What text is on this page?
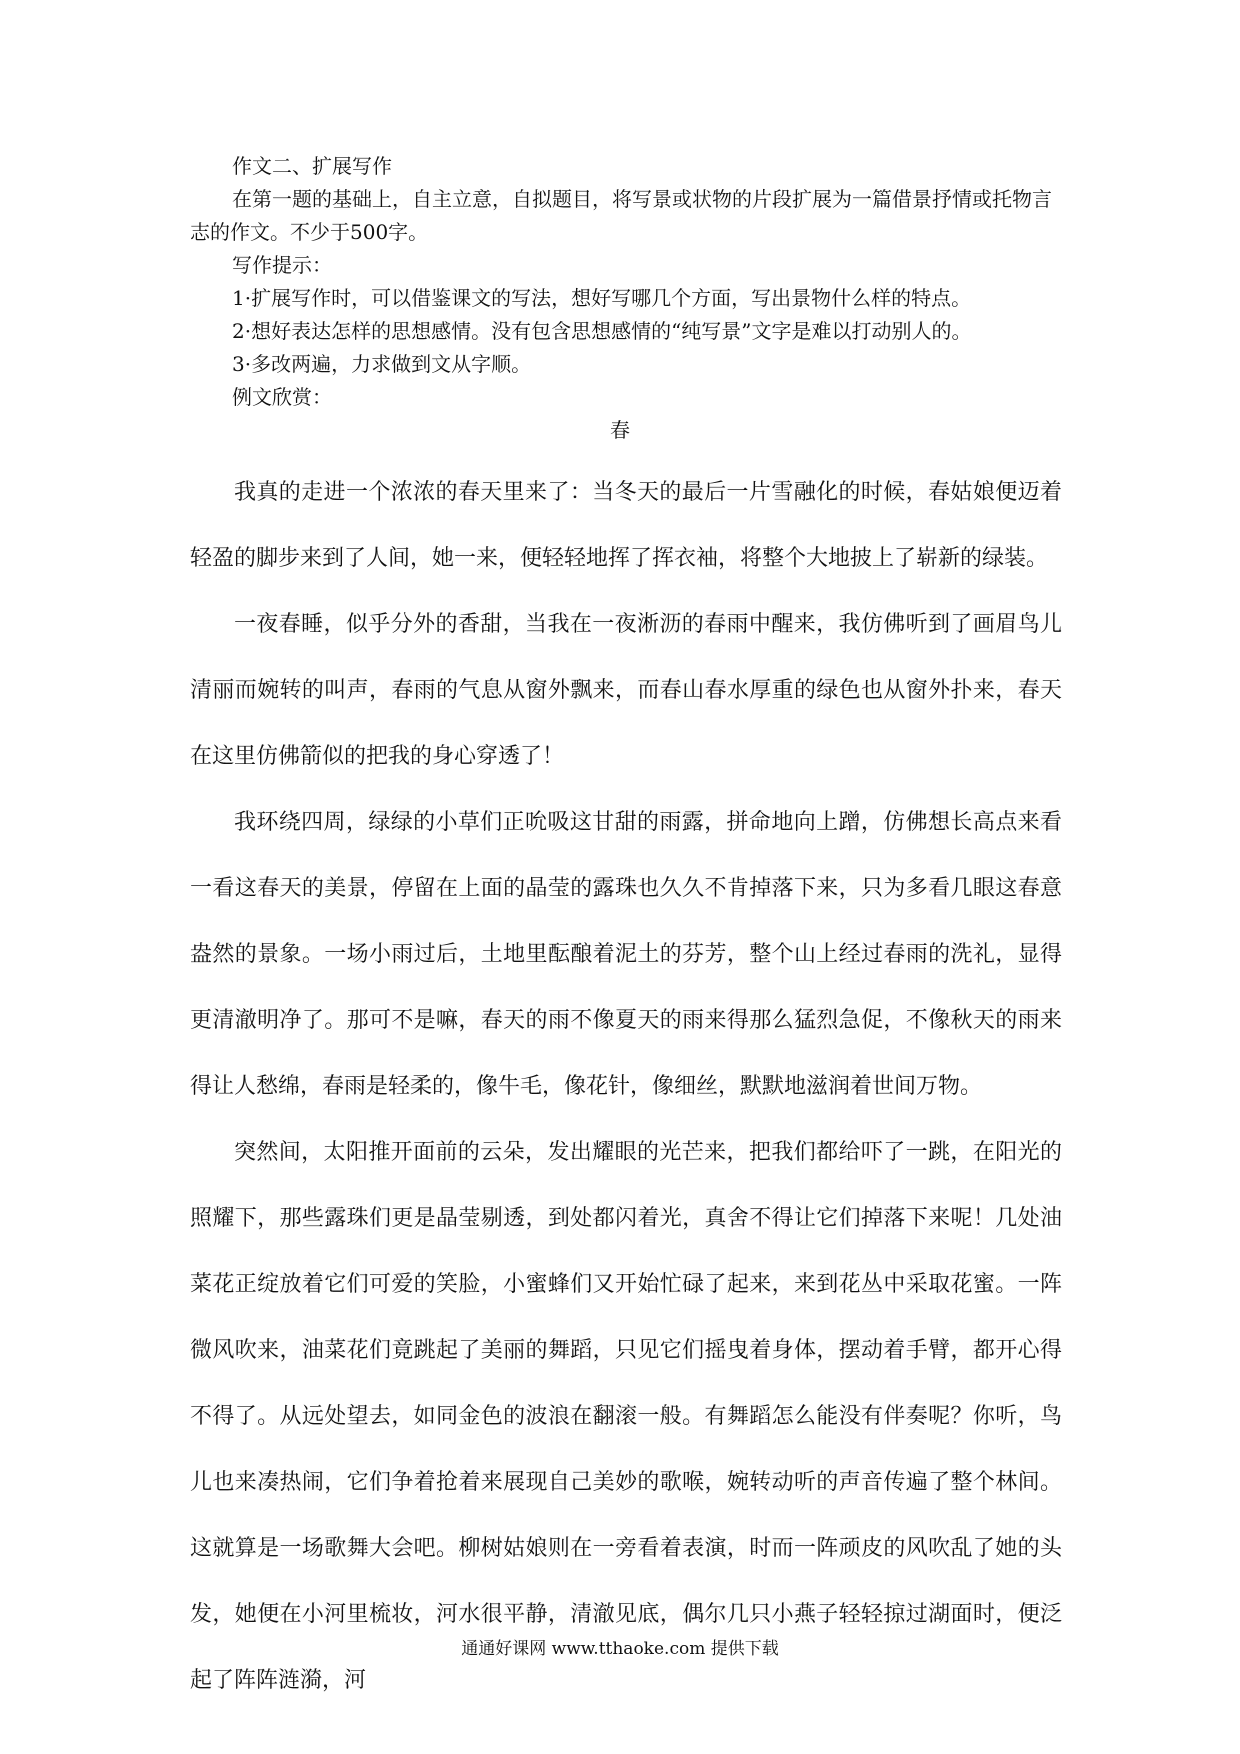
作文二、扩展写作

在第一题的基础上，自主立意，自拟题目，将写景或状物的片段扩展为一篇借景抒情或托物言志的作文。不少于500字。

写作提示：

1·扩展写作时，可以借鉴课文的写法，想好写哪几个方面，写出景物什么样的特点。

2·想好表达怎样的思想感情。没有包含思想感情的“纯写景”文字是难以打动别人的。

3·多改两遍，力求做到文从字顺。

例文欣赏：

春

我真的走进一个浓浓的春天里来了：当冬天的最后一片雪融化的时候，春姑娘便迈着轻盈的脚步来到了人间，她一来，便轻轻地挥了挥衣袖，将整个大地披上了崭新的绿装。

一夜春睡，似乎分外的香甜，当我在一夜淅沥的春雨中醒来，我仿佛听到了画眉鸟儿清丽而婉转的叫声，春雨的气息从窗外飘来，而春山春水厚重的绿色也从窗外扑来，春天在这里仿佛箭似的把我的身心穿透了！

我环绕四周，绿绿的小草们正吮吸这甘甜的雨露，拼命地向上蹭，仿佛想长高点来看一看这春天的美景，停留在上面的晶莹的露珠也久久不肯掉落下来，只为多看几眼这春意盎然的景象。一场小雨过后，土地里酝酿着泥土的芬芳，整个山上经过春雨的洗礼，显得更清澈明净了。那可不是嘛，春天的雨不像夏天的雨来得那么猛烈急促，不像秋天的雨来得让人愁绵，春雨是轻柔的，像牛毛，像花针，像细丝，默默地滋润着世间万物。

突然间，太阳推开面前的云朵，发出耀眼的光芒来，把我们都给吓了一跳，在阳光的照耀下，那些露珠们更是晶莹剔透，到处都闪着光，真舍不得让它们掉落下来呢！几处油菜花正绽放着它们可爱的笑脸，小蜜蜂们又开始忙碌了起来，来到花丛中采取花蜜。一阵微风吹来，油菜花们竟跳起了美丽的舞蹈，只见它们摇曳着身体，摆动着手臂，都开心得不得了。从远处望去，如同金色的波浪在翻滚一般。有舞蹈怎么能没有伴奏呢？你听，鸟儿也来凑热闹，它们争着抢着来展现自己美妙的歌喉，婉转动听的声音传遍了整个林间。这就算是一场歌舞大会吧。柳树姑娘则在一旁看着表演，时而一阵顽皮的风吹乱了她的头发，她便在小河里梳妆，河水很平静，清澈见底，偶尔几只小燕子轻轻掠过湖面时，便泛起了阵阵涟漪，河

通通好课网 www.tthaoke.com 提供下载
